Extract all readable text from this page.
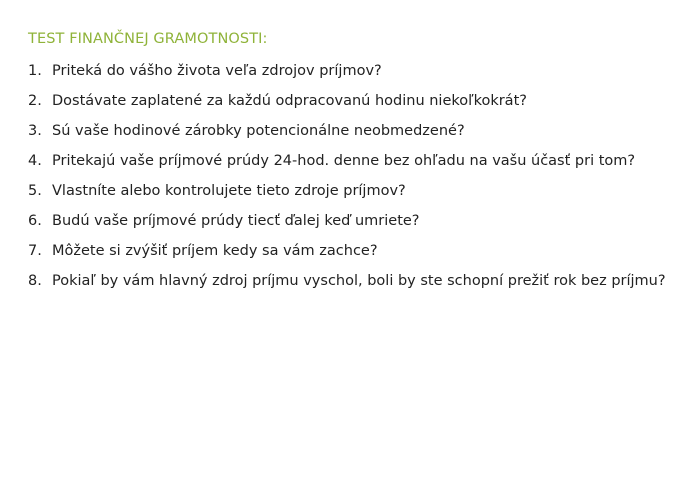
TEST FINANČNEJ GRAMOTNOSTI:
1. Priteká do vášho života veľa zdrojov príjmov?
2. Dostávate zaplatené za každú odpracovanú hodinu niekoľkokrát?
3. Sú vaše hodinové zárobky potencionálne neobmedzené?
4. Pritekajú vaše príjmové prúdy 24-hod. denne bez ohľadu na vašu účasť pri tom?
5. Vlastníte alebo kontrolujete tieto zdroje príjmov?
6. Budú vaše príjmové prúdy tiecť ďalej keď umriete?
7. Môžete si zvýšiť príjem kedy sa vám zachce?
8. Pokiaľ by vám hlavný zdroj príjmu vyschol, boli by ste schopní prežiť rok bez príjmu?
